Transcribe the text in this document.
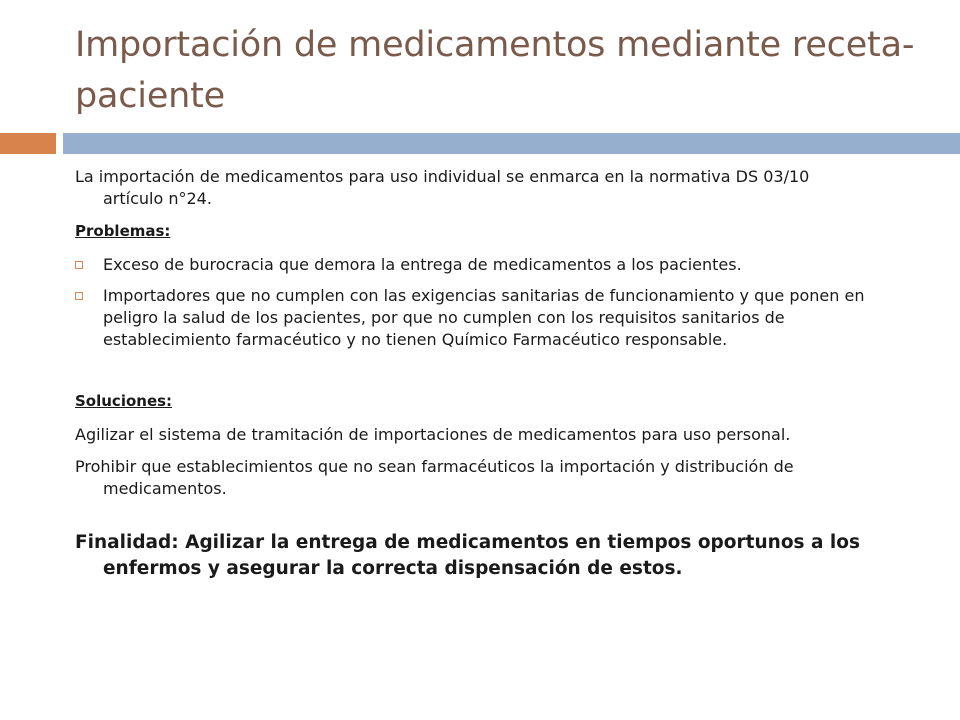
Importación de medicamentos mediante receta-paciente

La importación de medicamentos para uso individual se enmarca en la normativa DS 03/10 artículo n°24.

Problemas:

Exceso de burocracia que demora la entrega de medicamentos a los pacientes.
Importadores que no cumplen con las exigencias sanitarias de funcionamiento y que ponen en peligro la salud de los pacientes, por que no cumplen con los requisitos sanitarios de establecimiento farmacéutico y no tienen Químico Farmacéutico responsable.

Soluciones:

Agilizar el sistema de tramitación de importaciones de medicamentos para uso personal.

Prohibir que establecimientos que no sean farmacéuticos la importación y distribución de medicamentos.

Finalidad: Agilizar la entrega de medicamentos en tiempos oportunos a los enfermos y asegurar la correcta dispensación de estos.
